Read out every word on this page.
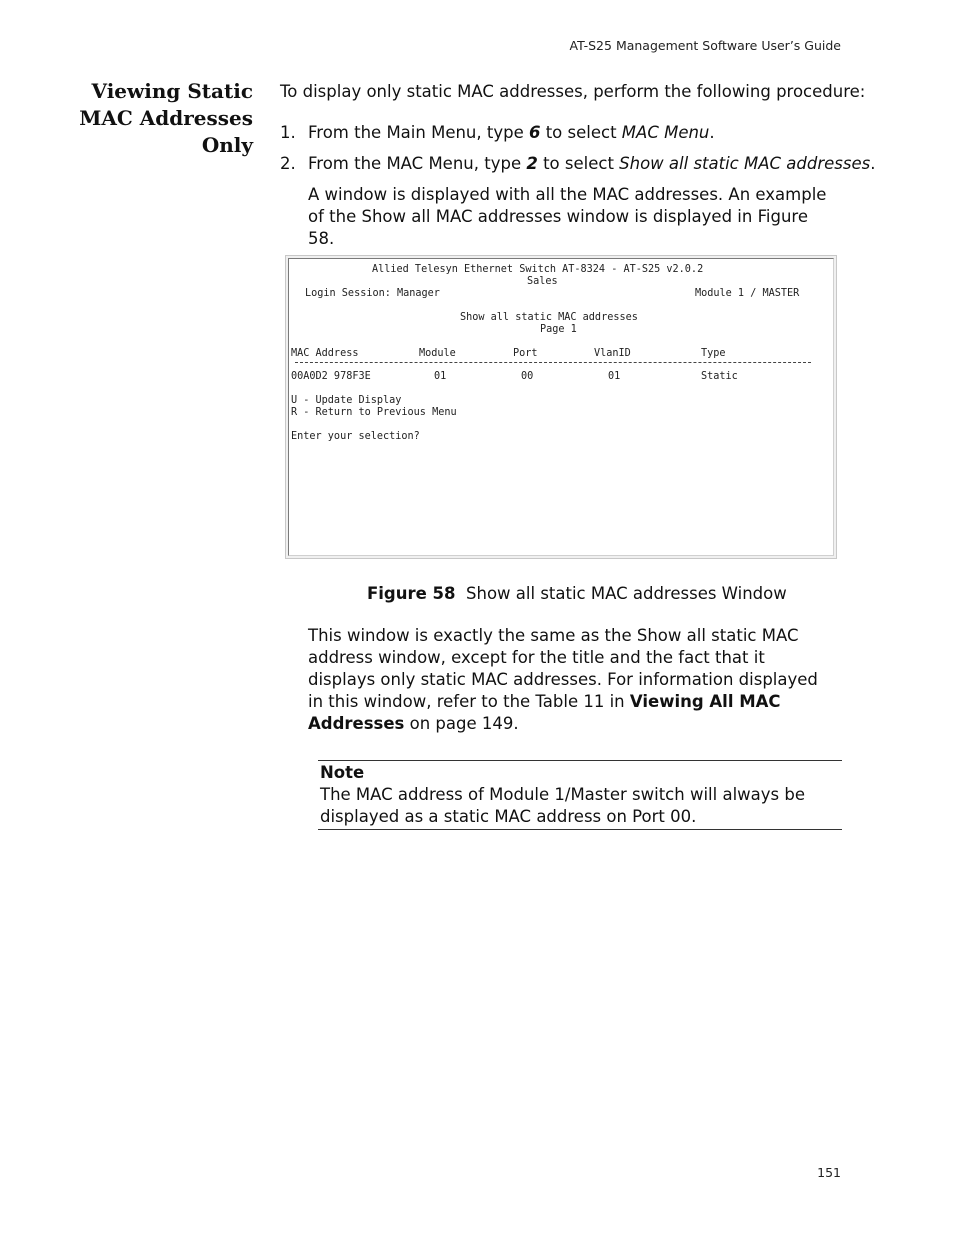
AT-S25 Management Software User’s Guide
Viewing Static
MAC Addresses
Only
To display only static MAC addresses, perform the following procedure:
1. From the Main Menu, type 6 to select MAC Menu.
2. From the MAC Menu, type 2 to select Show all static MAC addresses.
A window is displayed with all the MAC addresses. An example of the Show all MAC addresses window is displayed in Figure 58.
Allied Telesyn Ethernet Switch AT-8324 - AT-S25 v2.0.2
Sales
Login Session: Manager	Module 1 / MASTER
Show all static MAC addresses
Page 1
MAC Address	Module	Port	VlanID	Type
00A0D2 978F3E	01	00	01	Static
U - Update Display
R - Return to Previous Menu
Enter your selection?
Figure 58 Show all static MAC addresses Window
This window is exactly the same as the Show all static MAC address window, except for the title and the fact that it displays only static MAC addresses. For information displayed in this window, refer to the Table 11 in Viewing All MAC Addresses on page 149.
Note
The MAC address of Module 1/Master switch will always be displayed as a static MAC address on Port 00.
151
